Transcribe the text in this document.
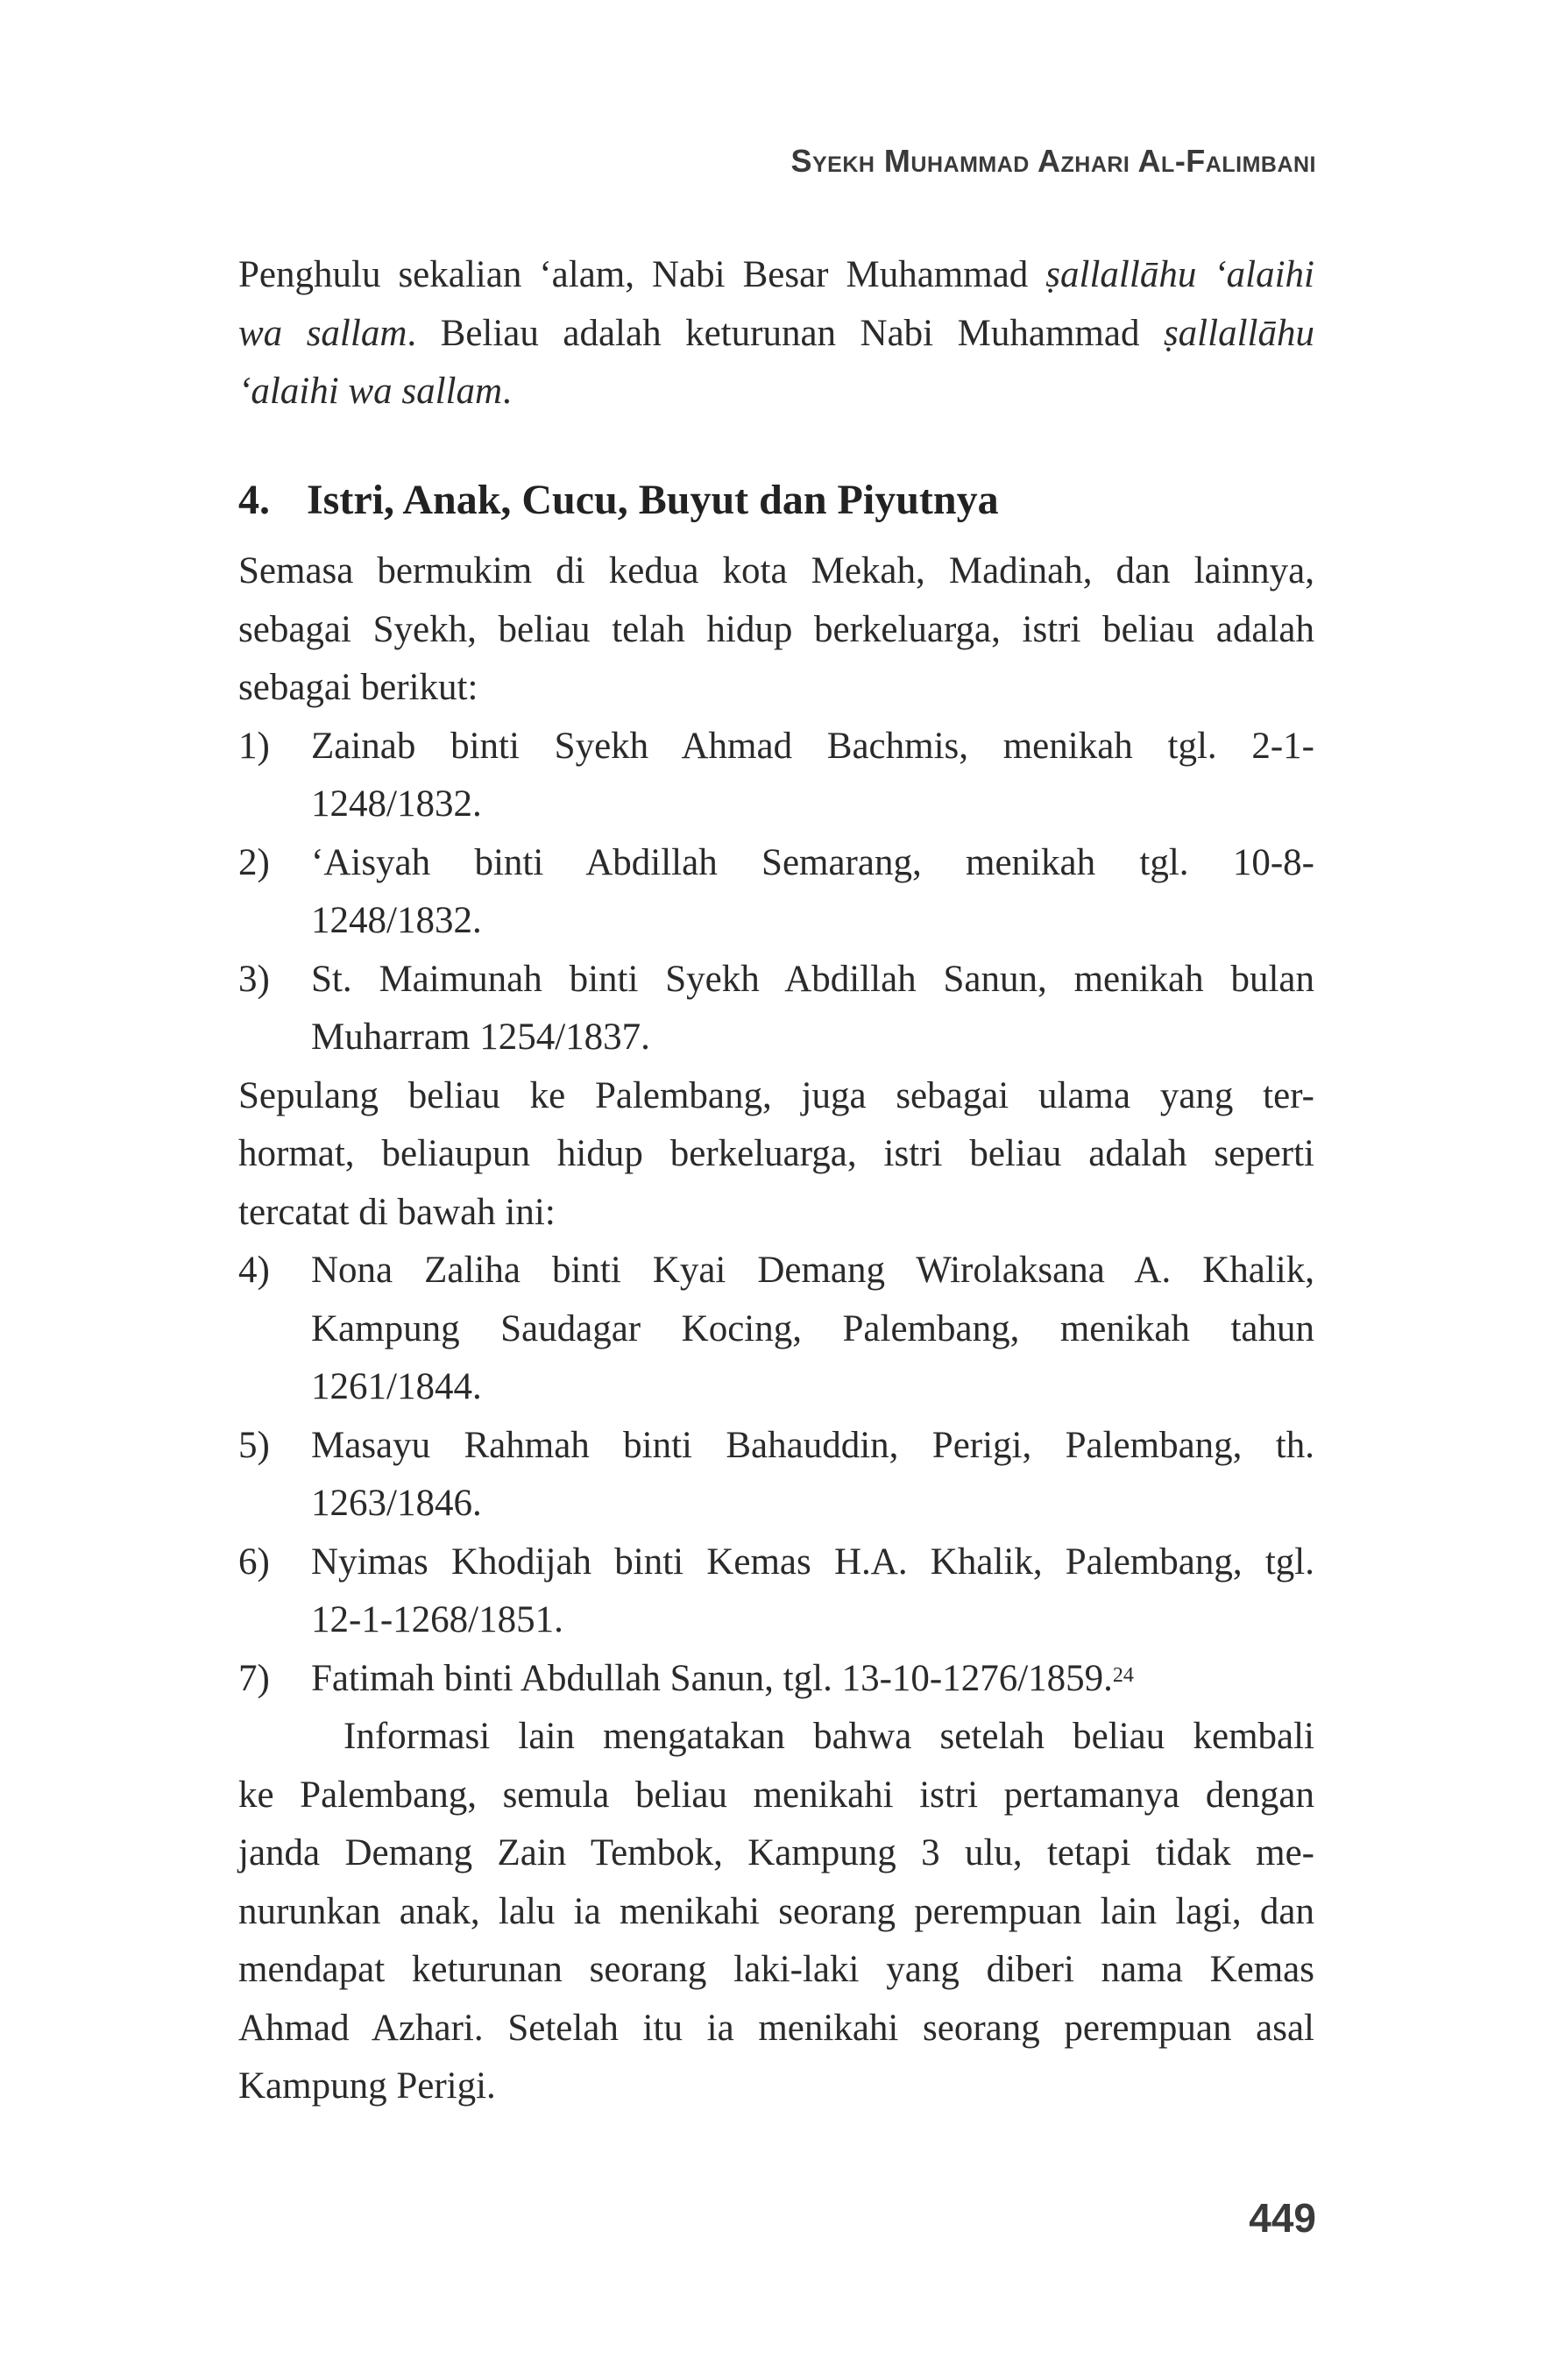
Syekh Muhammad Azhari Al-Falimbani

Penghulu sekalian ‘alam, Nabi Besar Muhammad ṣallallāhu ‘alaihi
wa sallam. Beliau adalah keturunan Nabi Muhammad ṣallallāhu
‘alaihi wa sallam.

4. Istri, Anak, Cucu, Buyut dan Piyutnya

Semasa bermukim di kedua kota Mekah, Madinah, dan lainnya,
sebagai Syekh, beliau telah hidup berkeluarga, istri beliau adalah
sebagai berikut:

1) Zainab binti Syekh Ahmad Bachmis, menikah tgl. 2-1-
1248/1832.
2) ‘Aisyah binti Abdillah Semarang, menikah tgl. 10-8-
1248/1832.
3) St. Maimunah binti Syekh Abdillah Sanun, menikah bulan
Muharram 1254/1837.

Sepulang beliau ke Palembang, juga sebagai ulama yang ter-
hormat, beliaupun hidup berkeluarga, istri beliau adalah seperti
tercatat di bawah ini:

4) Nona Zaliha binti Kyai Demang Wirolaksana A. Khalik,
Kampung Saudagar Kocing, Palembang, menikah tahun
1261/1844.
5) Masayu Rahmah binti Bahauddin, Perigi, Palembang, th.
1263/1846.
6) Nyimas Khodijah binti Kemas H.A. Khalik, Palembang, tgl.
12-1-1268/1851.
7) Fatimah binti Abdullah Sanun, tgl. 13-10-1276/1859.24

Informasi lain mengatakan bahwa setelah beliau kembali
ke Palembang, semula beliau menikahi istri pertamanya dengan
janda Demang Zain Tembok, Kampung 3 ulu, tetapi tidak me-
nurunkan anak, lalu ia menikahi seorang perempuan lain lagi, dan
mendapat keturunan seorang laki-laki yang diberi nama Kemas
Ahmad Azhari. Setelah itu ia menikahi seorang perempuan asal
Kampung Perigi.

449
